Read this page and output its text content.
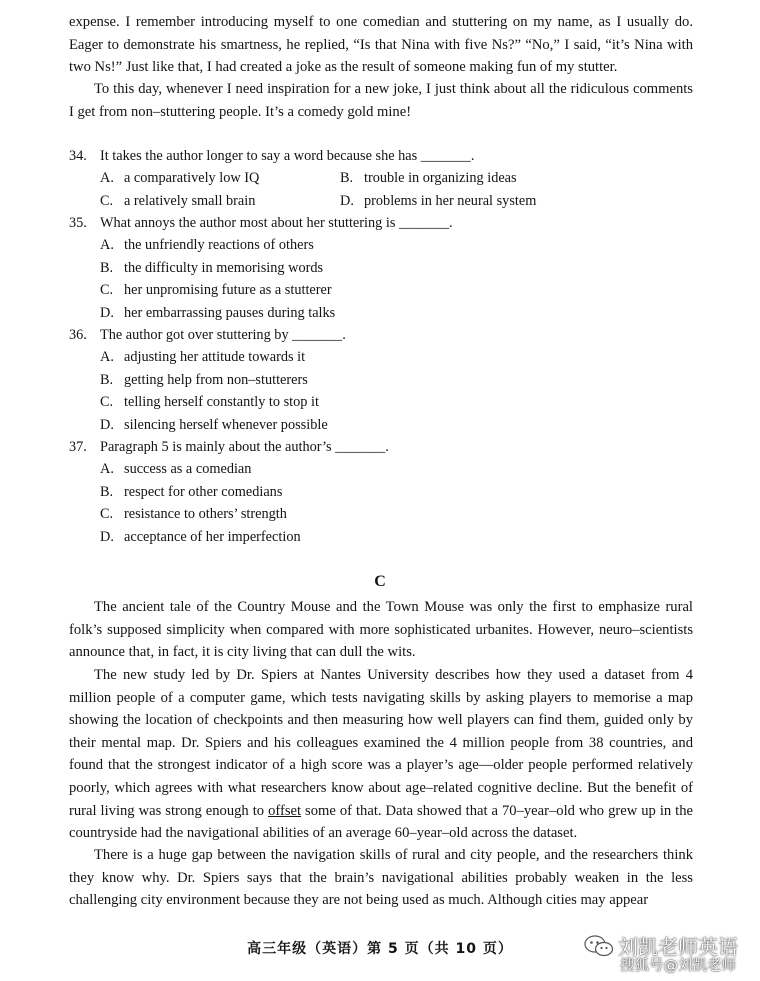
expense. I remember introducing myself to one comedian and stuttering on my name, as I usually do. Eager to demonstrate his smartness, he replied, “Is that Nina with five Ns?” “No,” I said, “it’s Nina with two Ns!” Just like that, I had created a joke as the result of someone making fun of my stutter.

To this day, whenever I need inspiration for a new joke, I just think about all the ridiculous comments I get from non–stuttering people. It’s a comedy gold mine!

34. It takes the author longer to say a word because she has _______.
A. a comparatively low IQ	B. trouble in organizing ideas
C. a relatively small brain	D. problems in her neural system
35. What annoys the author most about her stuttering is _______.
A. the unfriendly reactions of others
B. the difficulty in memorising words
C. her unpromising future as a stutterer
D. her embarrassing pauses during talks
36. The author got over stuttering by _______.
A. adjusting her attitude towards it
B. getting help from non–stutterers
C. telling herself constantly to stop it
D. silencing herself whenever possible
37. Paragraph 5 is mainly about the author’s _______.
A. success as a comedian
B. respect for other comedians
C. resistance to others’ strength
D. acceptance of her imperfection
C

The ancient tale of the Country Mouse and the Town Mouse was only the first to emphasize rural folk’s supposed simplicity when compared with more sophisticated urbanites. However, neuro–scientists announce that, in fact, it is city living that can dull the wits.

The new study led by Dr. Spiers at Nantes University describes how they used a dataset from 4 million people of a computer game, which tests navigating skills by asking players to memorise a map showing the location of checkpoints and then measuring how well players can find them, guided only by their mental map. Dr. Spiers and his colleagues examined the 4 million people from 38 countries, and found that the strongest indicator of a high score was a player’s age—older people performed relatively poorly, which agrees with what researchers know about age–related cognitive decline. But the benefit of rural living was strong enough to offset some of that. Data showed that a 70–year–old who grew up in the countryside had the navigational abilities of an average 60–year–old across the dataset.

There is a huge gap between the navigation skills of rural and city people, and the researchers think they know why. Dr. Spiers says that the brain’s navigational abilities probably weaken in the less challenging city environment because they are not being used as much. Although cities may appear

高三年级（英语）第 5 页（共 10 页）	刘凯老师英语
搜狐号@刘凯老师
